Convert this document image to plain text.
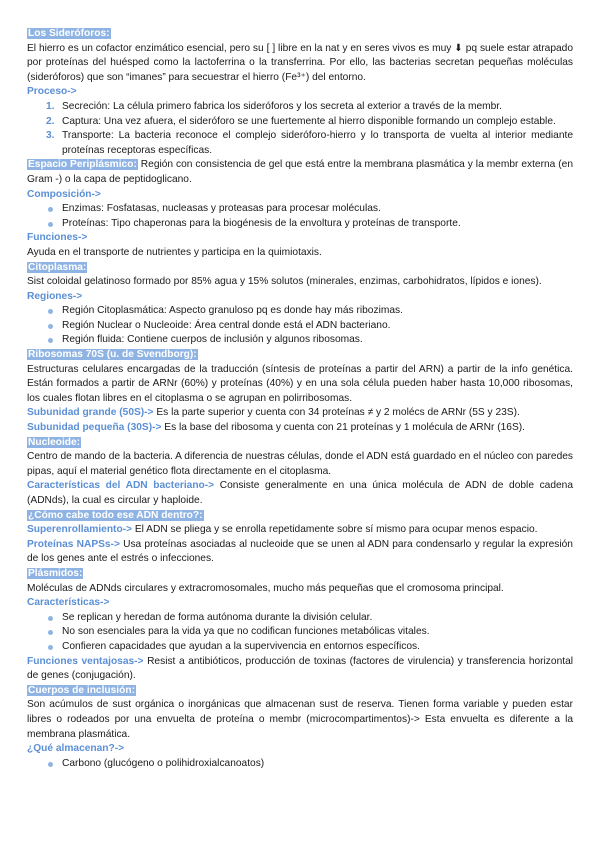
Los Sideróforos:

El hierro es un cofactor enzimático esencial, pero su [ ] libre en la nat y en seres vivos es muy ⬇ pq suele estar atrapado por proteínas del huésped como la lactoferrina o la transferrina. Por ello, las bacterias secretan pequeñas moléculas (sideróforos) que son “imanes” para secuestrar el hierro (Fe³⁺) del entorno.

Proceso->
1. Secreción: La célula primero fabrica los sideróforos y los secreta al exterior a través de la membr.

2. Captura: Una vez afuera, el sideróforo se une fuertemente al hierro disponible formando un complejo estable.

3. Transporte: La bacteria reconoce el complejo sideróforo-hierro y lo transporta de vuelta al interior mediante proteínas receptoras específicas.

Espacio Periplásmico: Región con consistencia de gel que está entre la membrana plasmática y la membr externa (en Gram -) o la capa de peptidoglicano.

Composición->
Enzimas: Fosfatasas, nucleasas y proteasas para procesar moléculas.
Proteínas: Tipo chaperonas para la biogénesis de la envoltura y proteínas de transporte.
Funciones->

Ayuda en el transporte de nutrientes y participa en la quimiotaxis.

Citoplasma:

Sist coloidal gelatinoso formado por 85% agua y 15% solutos (minerales, enzimas, carbohidratos, lípidos e iones).

Regiones->
Región Citoplasmática: Aspecto granuloso pq es donde hay más ribozimas.
Región Nuclear o Nucleoide: Área central donde está el ADN bacteriano.
Región fluida: Contiene cuerpos de inclusión y algunos ribosomas.
Ribosomas 70S (u. de Svendborg):

Estructuras celulares encargadas de la traducción (síntesis de proteínas a partir del ARN) a partir de la info genética. Están formados a partir de ARNr (60%) y proteínas (40%) y en una sola célula pueden haber hasta 10,000 ribosomas, los cuales flotan libres en el citoplasma o se agrupan en polirribosomas.

Subunidad grande (50S)-> Es la parte superior y cuenta con 34 proteínas ≠ y 2 molécs de ARNr (5S y 23S).

Subunidad pequeña (30S)-> Es la base del ribosoma y cuenta con 21 proteínas y 1 molécula de ARNr (16S).

Nucleoide:

Centro de mando de la bacteria. A diferencia de nuestras células, donde el ADN está guardado en el núcleo con paredes pipas, aquí el material genético flota directamente en el citoplasma.

Características del ADN bacteriano-> Consiste generalmente en una única molécula de ADN de doble cadena (ADNds), la cual es circular y haploide.

¿Cómo cabe todo ese ADN dentro?:

Superenrollamiento-> El ADN se pliega y se enrolla repetidamente sobre sí mismo para ocupar menos espacio.

Proteínas NAPSs-> Usa proteínas asociadas al nucleoide que se unen al ADN para condensarlo y regular la expresión de los genes ante el estrés o infecciones.

Plásmidos:

Moléculas de ADNds circulares y extracromosomales, mucho más pequeñas que el cromosoma principal.

Características->
Se replican y heredan de forma autónoma durante la división celular.
No son esenciales para la vida ya que no codifican funciones metabólicas vitales.
Confieren capacidades que ayudan a la supervivencia en entornos específicos.

Funciones ventajosas-> Resist a antibióticos, producción de toxinas (factores de virulencia) y transferencia horizontal de genes (conjugación).

Cuerpos de inclusión:

Son acúmulos de sust orgánica o inorgánicas que almacenan sust de reserva. Tienen forma variable y pueden estar libres o rodeados por una envuelta de proteína o membr (microcompartimentos)-> Esta envuelta es diferente a la membrana plasmática.

¿Qué almacenan?->
Carbono (glucógeno o polihidroxialcanoatos)
